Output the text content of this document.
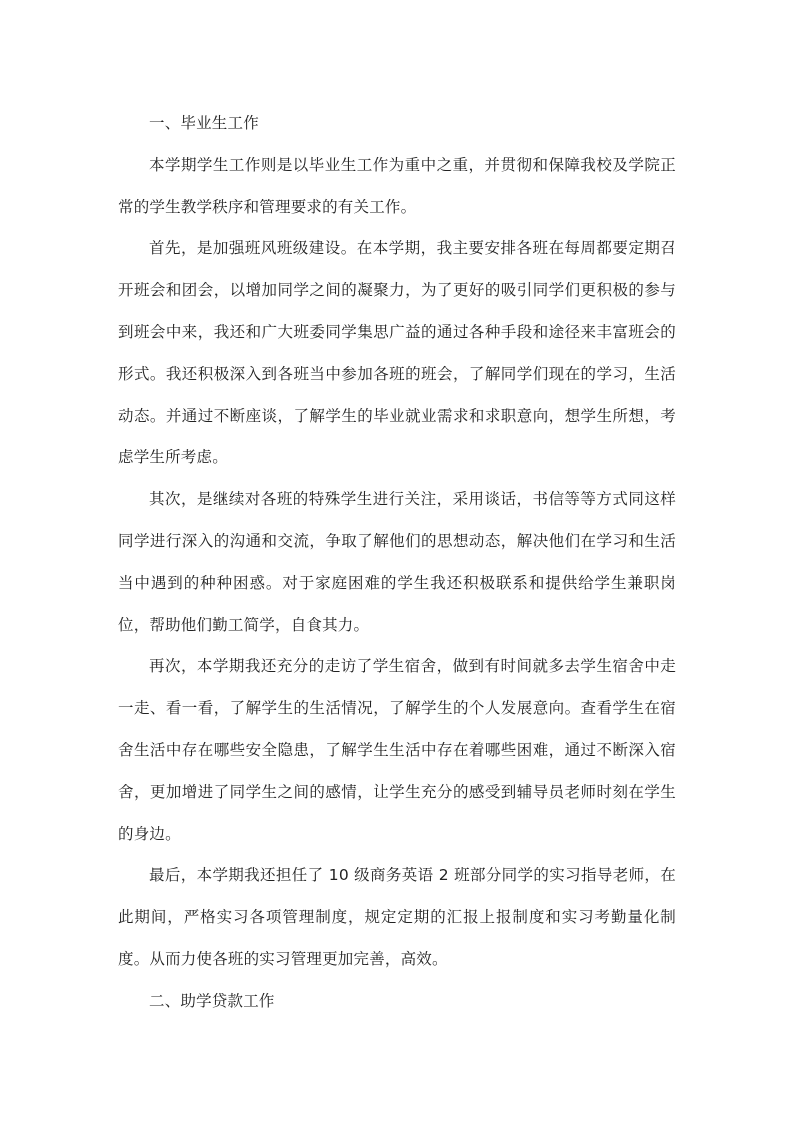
一、毕业生工作

本学期学生工作则是以毕业生工作为重中之重，并贯彻和保障我校及学院正常的学生教学秩序和管理要求的有关工作。

首先，是加强班风班级建设。在本学期，我主要安排各班在每周都要定期召开班会和团会，以增加同学之间的凝聚力，为了更好的吸引同学们更积极的参与到班会中来，我还和广大班委同学集思广益的通过各种手段和途径来丰富班会的形式。我还积极深入到各班当中参加各班的班会，了解同学们现在的学习，生活动态。并通过不断座谈，了解学生的毕业就业需求和求职意向，想学生所想，考虑学生所考虑。

其次，是继续对各班的特殊学生进行关注，采用谈话，书信等等方式同这样同学进行深入的沟通和交流，争取了解他们的思想动态，解决他们在学习和生活当中遇到的种种困惑。对于家庭困难的学生我还积极联系和提供给学生兼职岗位，帮助他们勤工简学，自食其力。

再次，本学期我还充分的走访了学生宿舍，做到有时间就多去学生宿舍中走一走、看一看，了解学生的生活情况，了解学生的个人发展意向。查看学生在宿舍生活中存在哪些安全隐患，了解学生生活中存在着哪些困难，通过不断深入宿舍，更加增进了同学生之间的感情，让学生充分的感受到辅导员老师时刻在学生的身边。

最后，本学期我还担任了 10 级商务英语 2 班部分同学的实习指导老师，在此期间，严格实习各项管理制度，规定定期的汇报上报制度和实习考勤量化制度。从而力使各班的实习管理更加完善，高效。

二、助学贷款工作
